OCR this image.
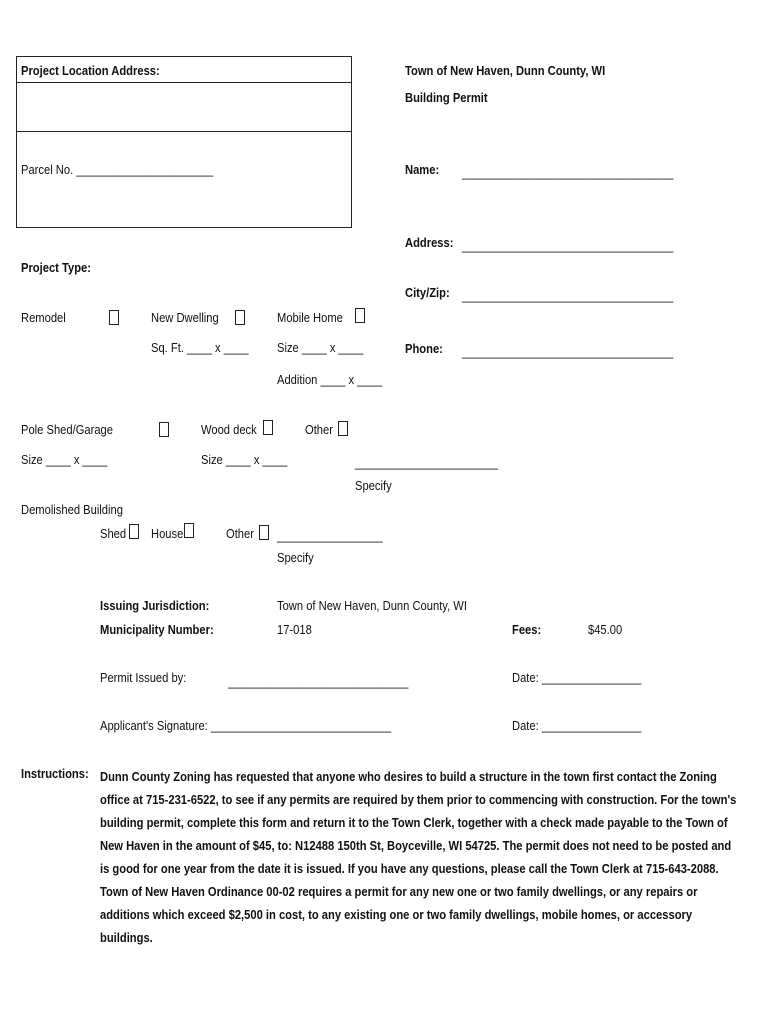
Project Location Address:
Parcel No. ______________________
Town of New Haven, Dunn County, WI
Building Permit
Name: __________________________________
Address: __________________________________
City/Zip: __________________________________
Phone: __________________________________
Project Type:
Remodel	New Dwelling
Sq. Ft. ____ x ____
Mobile Home
Size ____ x ____
Addition ____ x ____
Pole Shed/Garage
Size ____ x ____
Wood deck
Size ____ x ____
Other
_______________________
Specify
Demolished Building
Shed House	Other _________________
Specify
Issuing Jurisdiction:	Town of New Haven, Dunn County, WI
Municipality Number:	17-018	Fees:	$45.00
Permit Issued by:	_____________________________	Date: ________________
Applicant's Signature: _____________________________	Date: ________________
Instructions: Dunn County Zoning has requested that anyone who desires to build a structure in the town first contact the Zoning office at 715-231-6522, to see if any permits are required by them prior to commencing with construction. For the town's building permit, complete this form and return it to the Town Clerk, together with a check made payable to the Town of New Haven in the amount of $45, to: N12488 150th St, Boyceville, WI 54725. The permit does not need to be posted and is good for one year from the date it is issued. If you have any questions, please call the Town Clerk at 715-643-2088. Town of New Haven Ordinance 00-02 requires a permit for any new one or two family dwellings, or any repairs or additions which exceed $2,500 in cost, to any existing one or two family dwellings, mobile homes, or accessory buildings.
